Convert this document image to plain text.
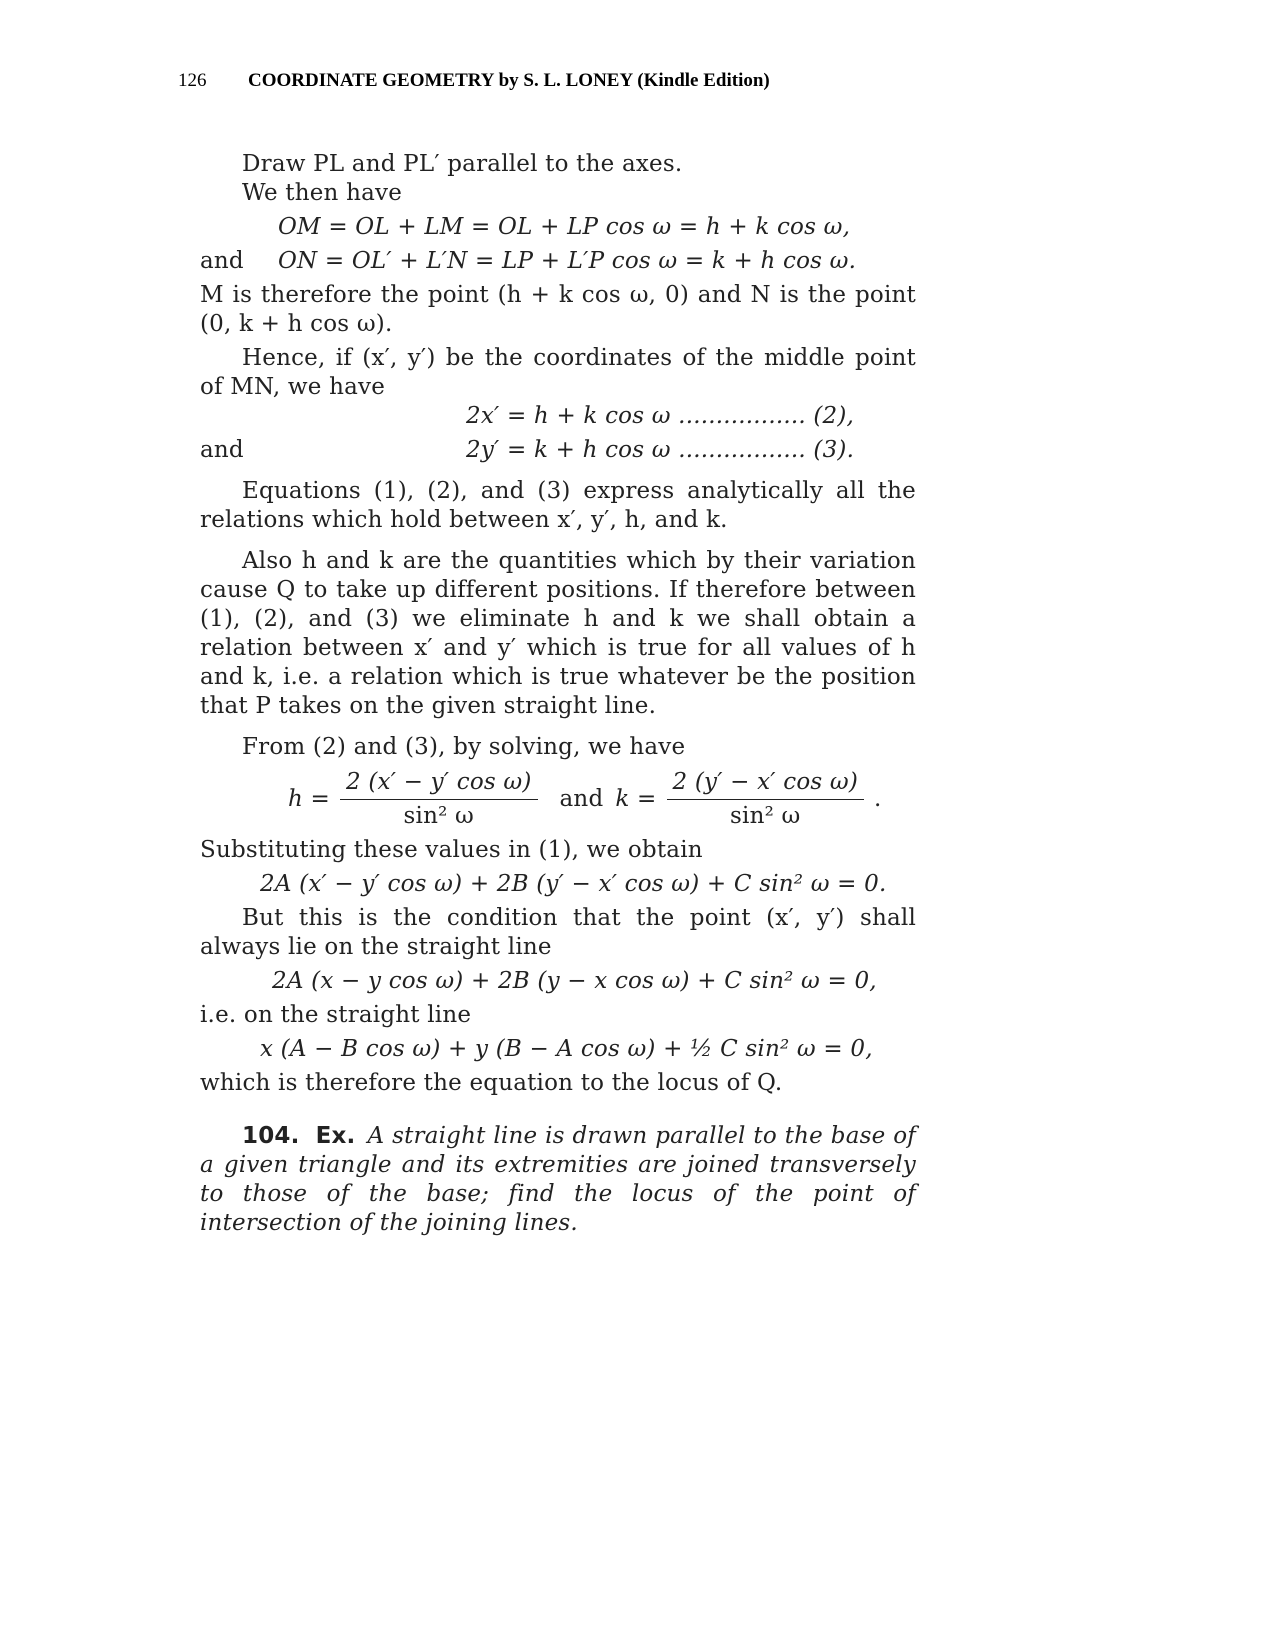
126 COORDINATE GEOMETRY by S. L. LONEY (Kindle Edition)

Draw PL and PL′ parallel to the axes.

We then have

OM = OL + LM = OL + LP cos ω = h + k cos ω,
and	ON = OL′ + L′N = LP + L′P cos ω = k + h cos ω.

M is therefore the point (h + k cos ω, 0) and N is the point (0, k + h cos ω).

Hence, if (x′, y′) be the coordinates of the middle point of MN, we have

2x′ = h + k cos ω ................. (2),
and	2y′ = k + h cos ω ................. (3).

Equations (1), (2), and (3) express analytically all the relations which hold between x′, y′, h, and k.

Also h and k are the quantities which by their variation cause Q to take up different positions. If therefore between (1), (2), and (3) we eliminate h and k we shall obtain a relation between x′ and y′ which is true for all values of h and k, i.e. a relation which is true whatever be the position that P takes on the given straight line.

From (2) and (3), by solving, we have

$h = \frac{\text{2 (x′ − y′ cos ω)}}{\text{sin² ω}}$ and $k = \frac{\text{2 (y′ − x′ cos ω)}}{\text{sin² ω}}$ .

Substituting these values in (1), we obtain

2A (x′ − y′ cos ω) + 2B (y′ − x′ cos ω) + C sin² ω = 0.

But this is the condition that the point (x′, y′) shall always lie on the straight line

2A (x − y cos ω) + 2B (y − x cos ω) + C sin² ω = 0,

i.e. on the straight line

x (A − B cos ω) + y (B − A cos ω) + ½ C sin² ω = 0,

which is therefore the equation to the locus of Q.

104. Ex. A straight line is drawn parallel to the base of a given triangle and its extremities are joined transversely to those of the base; find the locus of the point of intersection of the joining lines.
